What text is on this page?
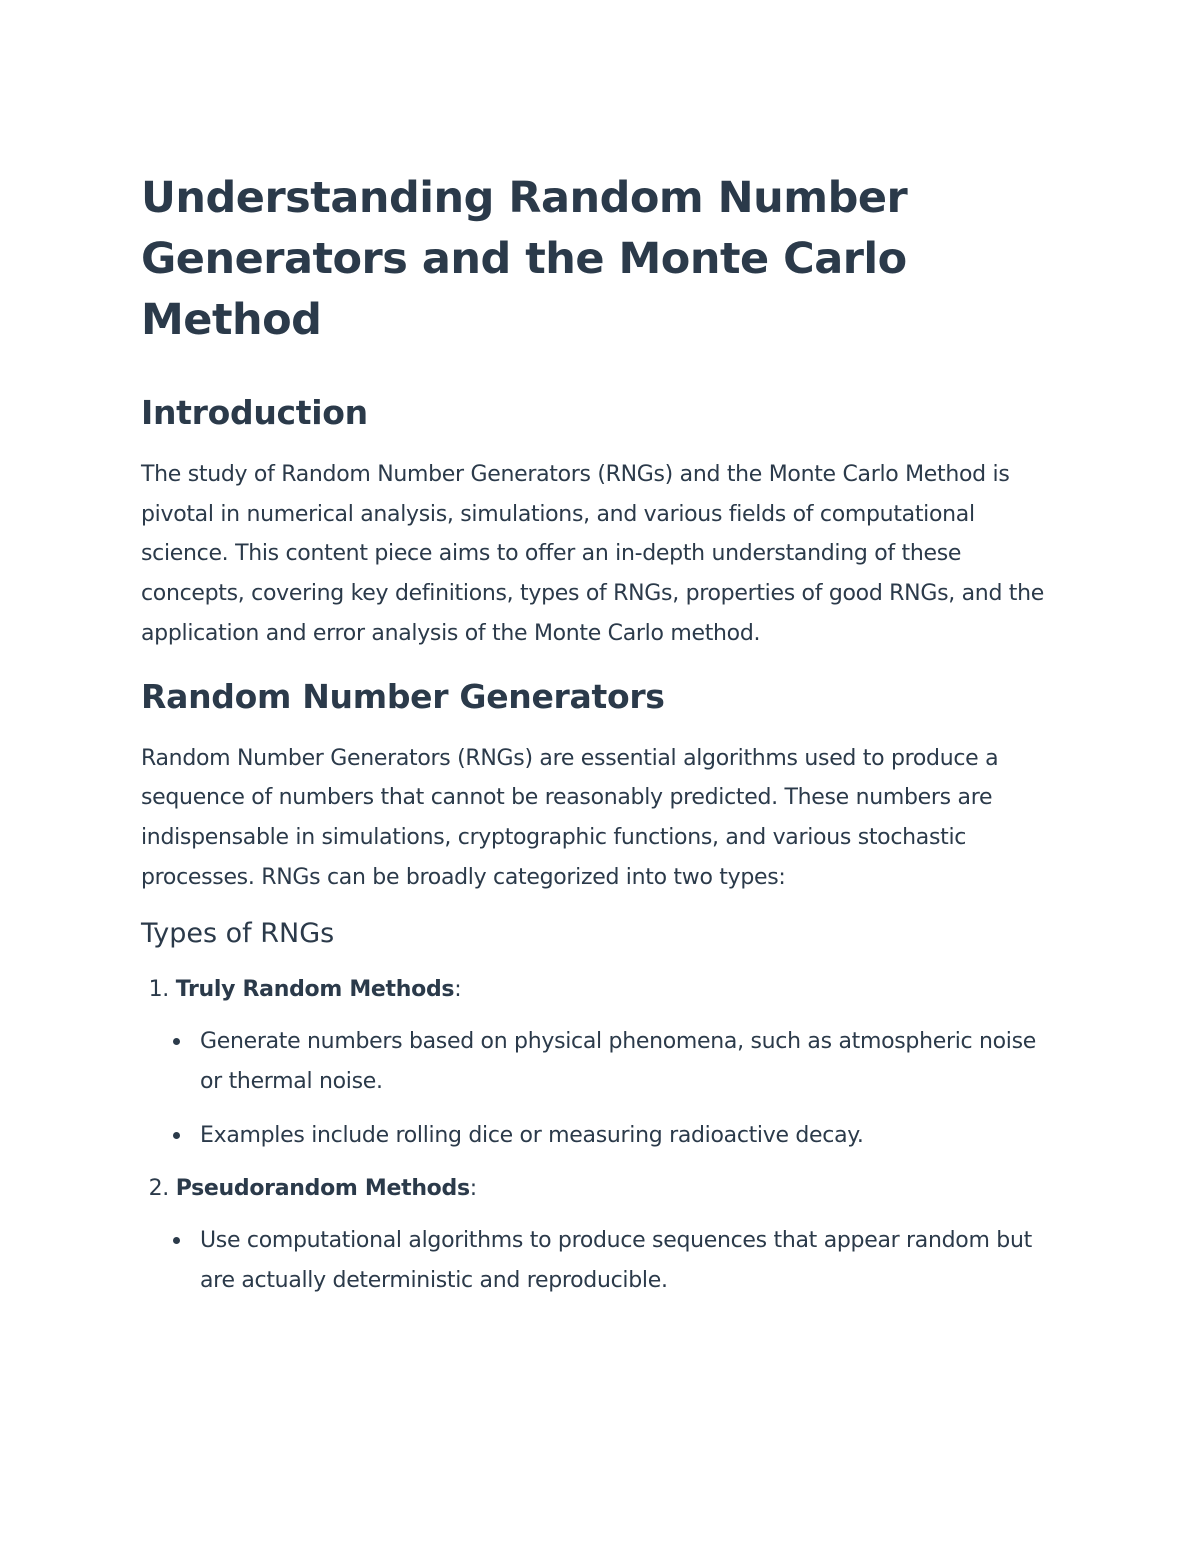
Understanding Random Number Generators and the Monte Carlo Method
Introduction

The study of Random Number Generators (RNGs) and the Monte Carlo Method is pivotal in numerical analysis, simulations, and various fields of computational science. This content piece aims to offer an in-depth understanding of these concepts, covering key definitions, types of RNGs, properties of good RNGs, and the application and error analysis of the Monte Carlo method.

Random Number Generators

Random Number Generators (RNGs) are essential algorithms used to produce a sequence of numbers that cannot be reasonably predicted. These numbers are indispensable in simulations, cryptographic functions, and various stochastic processes. RNGs can be broadly categorized into two types:

Types of RNGs
1. Truly Random Methods:
Generate numbers based on physical phenomena, such as atmospheric noise or thermal noise.
Examples include rolling dice or measuring radioactive decay.
2. Pseudorandom Methods:
Use computational algorithms to produce sequences that appear random but are actually deterministic and reproducible.
